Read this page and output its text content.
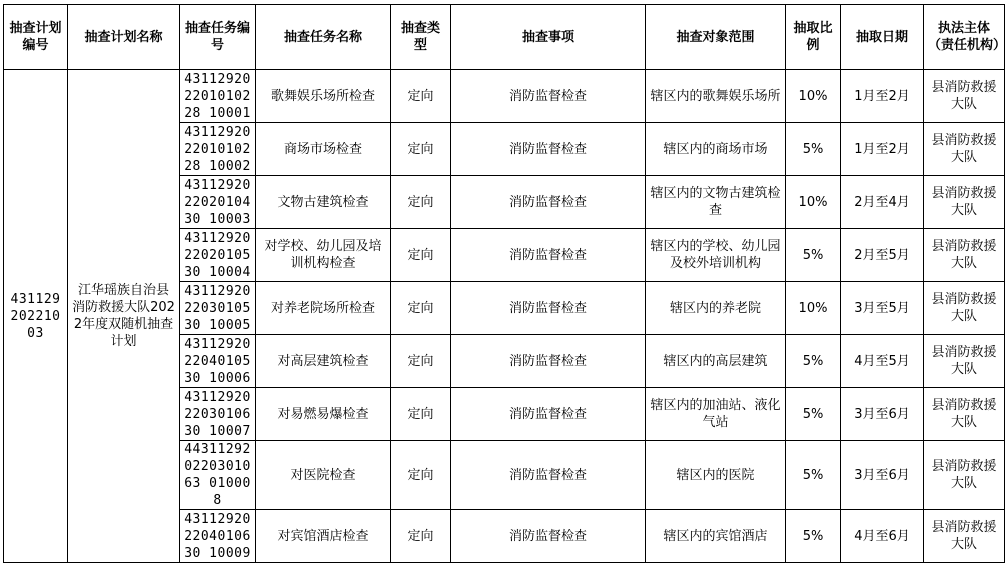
抽查计划编号	抽查计划名称	抽查任务编号	抽查任务名称	抽查类型	抽查事项	抽查对象范围	抽取比例	抽取日期	执法主体（责任机构）
431129202210 03	江华瑶族自治县消防救援大队2022年度双随机抽查计划	431129202201010228 10001	歌舞娱乐场所检查	定向	消防监督检查	辖区内的歌舞娱乐场所	10%	1月至2月	县消防救援大队
		431129202201010228 10002	商场市场检查	定向	消防监督检查	辖区内的商场市场	5%	1月至2月	县消防救援大队
		431129202202010430 10003	文物古建筑检查	定向	消防监督检查	辖区内的文物古建筑检查	10%	2月至4月	县消防救援大队
		431129202202010530 10004	对学校、幼儿园及培训机构检查	定向	消防监督检查	辖区内的学校、幼儿园及校外培训机构	5%	2月至5月	县消防救援大队
		431129202203010530 10005	对养老院场所检查	定向	消防监督检查	辖区内的养老院	10%	3月至5月	县消防救援大队
		431129202204010530 10006	对高层建筑检查	定向	消防监督检查	辖区内的高层建筑	5%	4月至5月	县消防救援大队
		431129202203010630 10007	对易燃易爆检查	定向	消防监督检查	辖区内的加油站、液化气站	5%	3月至6月	县消防救援大队
		443112920220301063 010008	对医院检查	定向	消防监督检查	辖区内的医院	5%	3月至6月	县消防救援大队
		431129202204010630 10009	对宾馆酒店检查	定向	消防监督检查	辖区内的宾馆酒店	5%	4月至6月	县消防救援大队
